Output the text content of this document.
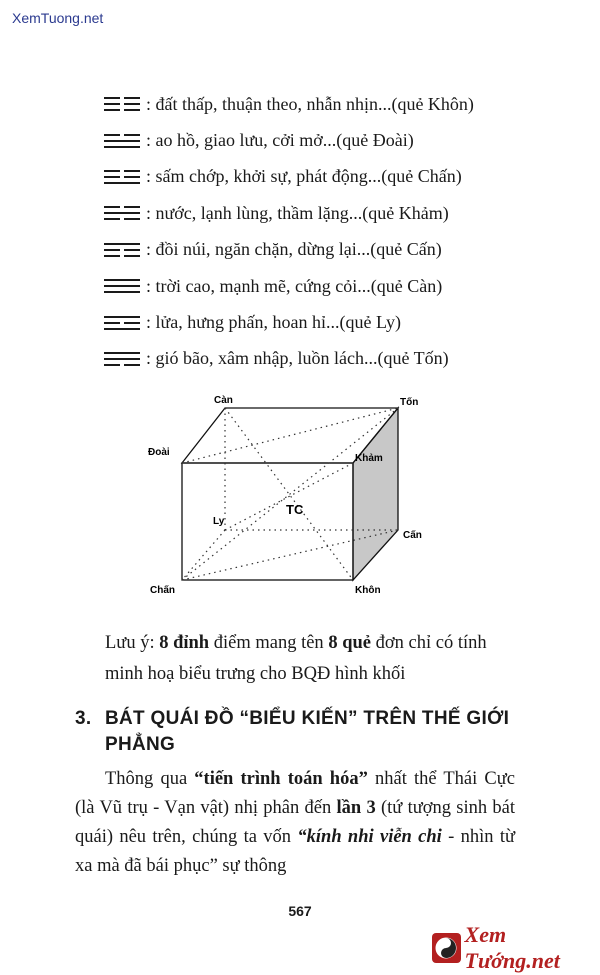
XemTuong.net
: đất thấp, thuận theo, nhẫn nhịn...(quẻ Khôn)
: ao hồ, giao lưu, cởi mở...(quẻ Đoài)
: sấm chớp, khởi sự, phát động...(quẻ Chấn)
: nước, lạnh lùng, thầm lặng...(quẻ Khảm)
: đồi núi, ngăn chặn, dừng lại...(quẻ Cấn)
: trời cao, mạnh mẽ, cứng cỏi...(quẻ Càn)
: lửa, hưng phấn, hoan hỉ...(quẻ Ly)
: gió bão, xâm nhập, luồn lách...(quẻ Tốn)
Càn	Tốn
Đoài
Khảm
Ly
TC
Cấn
Chấn	Khôn
Lưu ý: 8 đỉnh điểm mang tên 8 quẻ đơn chỉ có tính minh hoạ biểu trưng cho BQĐ hình khối
3. BÁT QUÁI ĐỒ “BIỂU KIẾN” TRÊN THẾ GIỚI
PHẲNG
Thông qua “tiến trình toán hóa” nhất thể Thái Cực (là Vũ trụ - Vạn vật) nhị phân đến lần 3 (tứ tượng sinh bát quái) nêu trên, chúng ta vốn “kính nhi viễn chi - nhìn từ xa mà đã bái phục” sự thông
567
Xem Tướng.net
